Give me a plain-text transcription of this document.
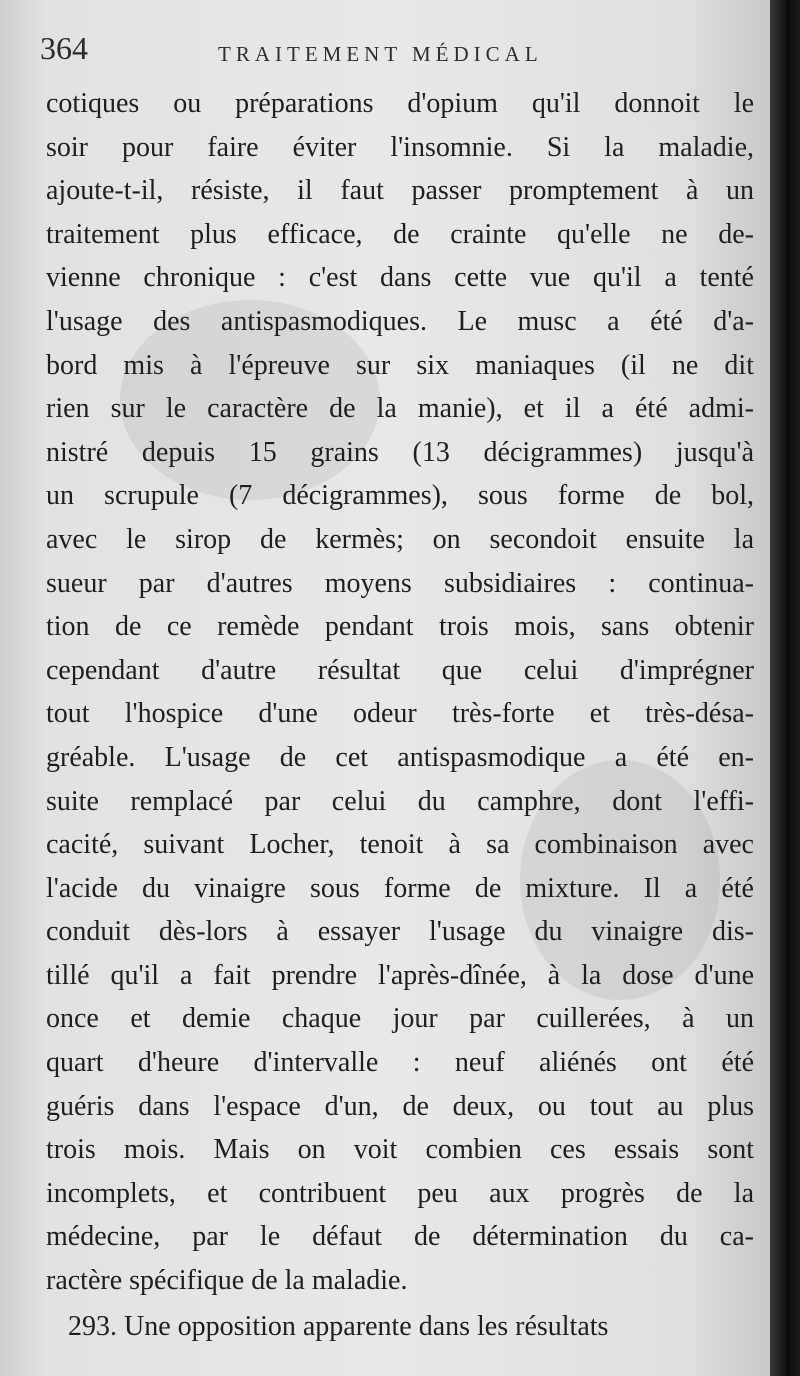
364	TRAITEMENT MÉDICAL
cotiques ou préparations d'opium qu'il donnoit le
soir pour faire éviter l'insomnie. Si la maladie,
ajoute-t-il, résiste, il faut passer promptement à un
traitement plus efficace, de crainte qu'elle ne de-
vienne chronique : c'est dans cette vue qu'il a tenté
l'usage des antispasmodiques. Le musc a été d'a-
bord mis à l'épreuve sur six maniaques (il ne dit
rien sur le caractère de la manie), et il a été admi-
nistré depuis 15 grains (13 décigrammes) jusqu'à
un scrupule (7 décigrammes), sous forme de bol,
avec le sirop de kermès; on secondoit ensuite la
sueur par d'autres moyens subsidiaires : continua-
tion de ce remède pendant trois mois, sans obtenir
cependant d'autre résultat que celui d'imprégner
tout l'hospice d'une odeur très-forte et très-désa-
gréable. L'usage de cet antispasmodique a été en-
suite remplacé par celui du camphre, dont l'effi-
cacité, suivant Locher, tenoit à sa combinaison avec
l'acide du vinaigre sous forme de mixture. Il a été
conduit dès-lors à essayer l'usage du vinaigre dis-
tillé qu'il a fait prendre l'après-dînée, à la dose d'une
once et demie chaque jour par cuillerées, à un
quart d'heure d'intervalle : neuf aliénés ont été
guéris dans l'espace d'un, de deux, ou tout au plus
trois mois. Mais on voit combien ces essais sont
incomplets, et contribuent peu aux progrès de la
médecine, par le défaut de détermination du ca-
ractère spécifique de la maladie.
293. Une opposition apparente dans les résultats
